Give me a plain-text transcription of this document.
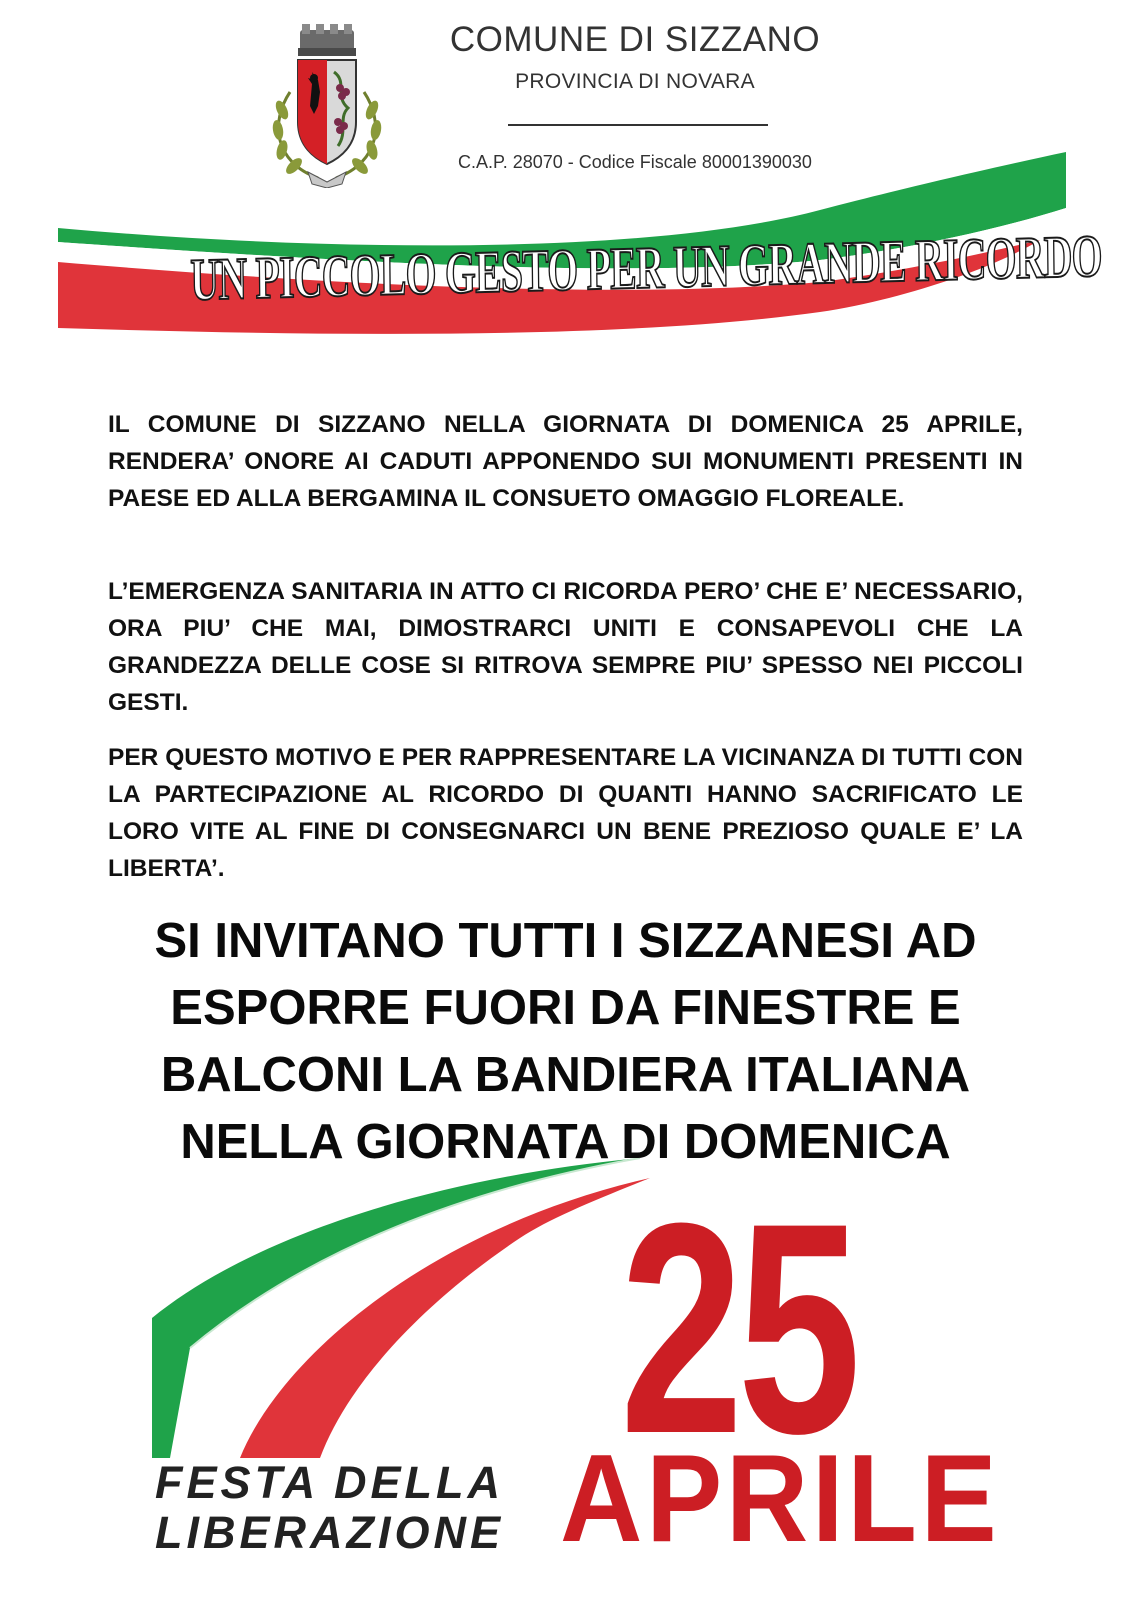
COMUNE DI SIZZANO
PROVINCIA DI NOVARA
C.A.P. 28070 - Codice Fiscale 80001390030
UN PICCOLO GESTO PER UN GRANDE RICORDO

IL COMUNE DI SIZZANO NELLA GIORNATA DI DOMENICA 25 APRILE, RENDERA’ ONORE AI CADUTI APPONENDO SUI MONUMENTI PRESENTI IN PAESE ED ALLA BERGAMINA IL CONSUETO OMAGGIO FLOREALE.

L’EMERGENZA SANITARIA IN ATTO CI RICORDA PERO’ CHE E’ NECESSARIO, ORA PIU’ CHE MAI, DIMOSTRARCI UNITI E CONSAPEVOLI CHE LA GRANDEZZA DELLE COSE SI RITROVA SEMPRE PIU’ SPESSO NEI PICCOLI GESTI.

PER QUESTO MOTIVO E PER RAPPRESENTARE LA VICINANZA DI TUTTI CON LA PARTECIPAZIONE AL RICORDO DI QUANTI HANNO SACRIFICATO LE LORO VITE AL FINE DI CONSEGNARCI UN BENE PREZIOSO QUALE E’ LA LIBERTA’.

SI INVITANO TUTTI I SIZZANESI AD
ESPORRE FUORI DA FINESTRE E
BALCONI LA BANDIERA ITALIANA
NELLA GIORNATA DI DOMENICA
25
APRILE
FESTA DELLA
LIBERAZIONE
